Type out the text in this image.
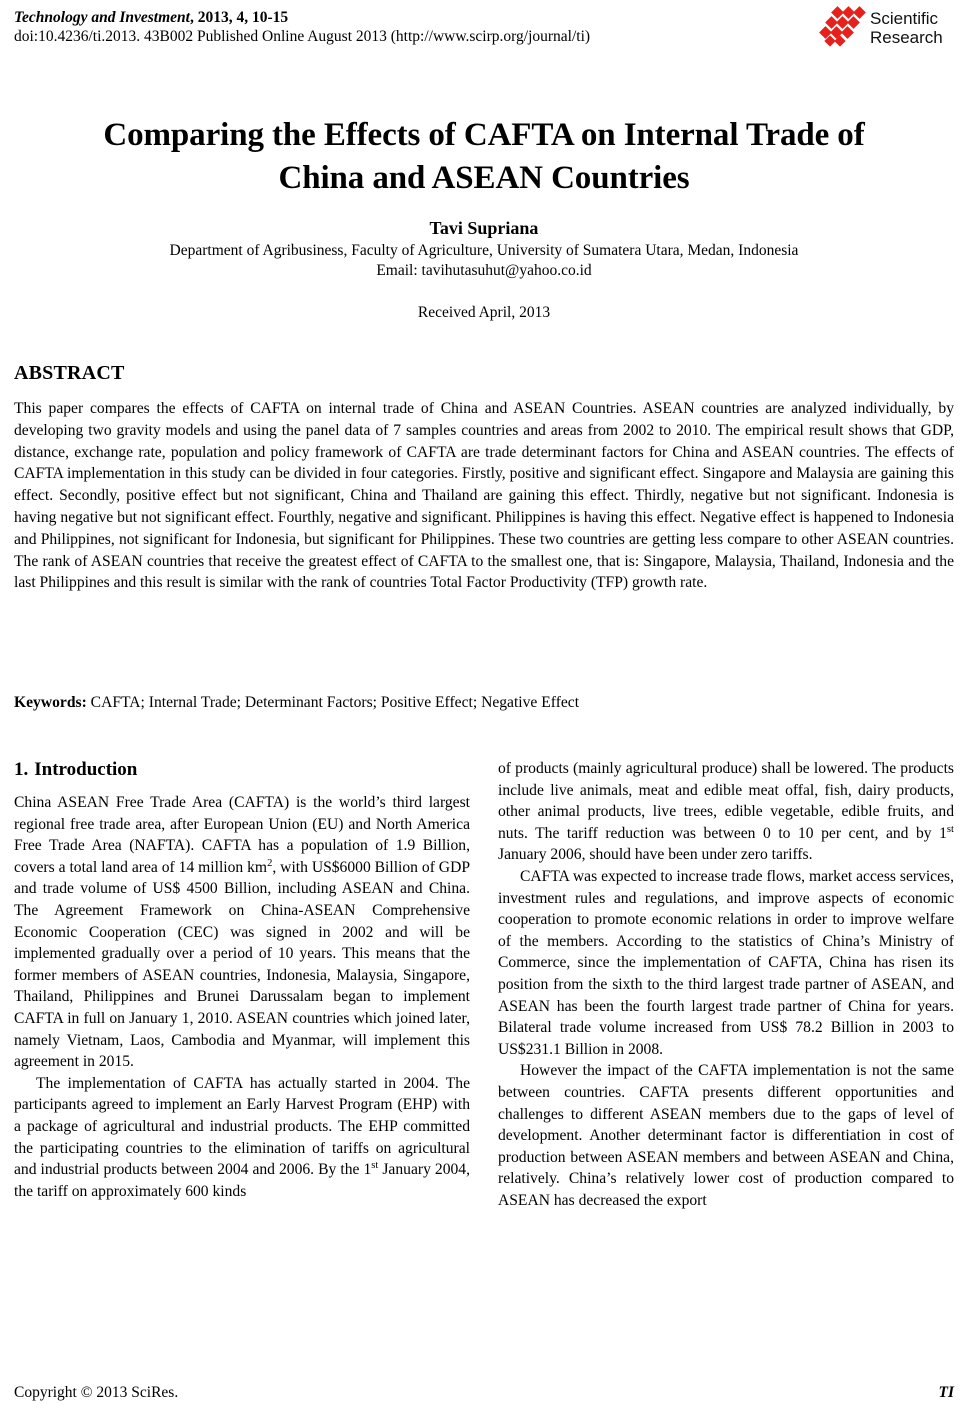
Technology and Investment, 2013, 4, 10-15
doi:10.4236/ti.2013. 43B002 Published Online August 2013 (http://www.scirp.org/journal/ti)
Scientific
Research
Comparing the Effects of CAFTA on Internal Trade of China and ASEAN Countries
Tavi Supriana
Department of Agribusiness, Faculty of Agriculture, University of Sumatera Utara, Medan, Indonesia
Email: tavihutasuhut@yahoo.co.id
Received April, 2013
ABSTRACT
This paper compares the effects of CAFTA on internal trade of China and ASEAN Countries. ASEAN countries are analyzed individually, by developing two gravity models and using the panel data of 7 samples countries and areas from 2002 to 2010. The empirical result shows that GDP, distance, exchange rate, population and policy framework of CAFTA are trade determinant factors for China and ASEAN countries. The effects of CAFTA implementation in this study can be divided in four categories. Firstly, positive and significant effect. Singapore and Malaysia are gaining this effect. Secondly, positive effect but not significant, China and Thailand are gaining this effect. Thirdly, negative but not significant. Indonesia is having negative but not significant effect. Fourthly, negative and significant. Philippines is having this effect. Negative effect is happened to Indonesia and Philippines, not significant for Indonesia, but significant for Philippines. These two countries are getting less compare to other ASEAN countries. The rank of ASEAN countries that receive the greatest effect of CAFTA to the smallest one, that is: Singapore, Malaysia, Thailand, Indonesia and the last Philippines and this result is similar with the rank of countries Total Factor Productivity (TFP) growth rate.
Keywords: CAFTA; Internal Trade; Determinant Factors; Positive Effect; Negative Effect
1. Introduction

China ASEAN Free Trade Area (CAFTA) is the world’s third largest regional free trade area, after European Union (EU) and North America Free Trade Area (NAFTA). CAFTA has a population of 1.9 Billion, covers a total land area of 14 million $km^2$, with US$6000 Billion of GDP and trade volume of US$ 4500 Billion, including ASEAN and China. The Agreement Framework on China-ASEAN Comprehensive Economic Cooperation (CEC) was signed in 2002 and will be implemented gradually over a period of 10 years. This means that the former members of ASEAN countries, Indonesia, Malaysia, Singapore, Thailand, Philippines and Brunei Darussalam began to implement CAFTA in full on January 1, 2010. ASEAN countries which joined later, namely Vietnam, Laos, Cambodia and Myanmar, will implement this agreement in 2015.

The implementation of CAFTA has actually started in 2004. The participants agreed to implement an Early Harvest Program (EHP) with a package of agricultural and industrial products. The EHP committed the participating countries to the elimination of tariffs on agricultural and industrial products between 2004 and 2006. By the 1st January 2004, the tariff on approximately 600 kinds

of products (mainly agricultural produce) shall be lowered. The products include live animals, meat and edible meat offal, fish, dairy products, other animal products, live trees, edible vegetable, edible fruits, and nuts. The tariff reduction was between 0 to 10 per cent, and by 1st January 2006, should have been under zero tariffs.

CAFTA was expected to increase trade flows, market access services, investment rules and regulations, and improve aspects of economic cooperation to promote economic relations in order to improve welfare of the members. According to the statistics of China’s Ministry of Commerce, since the implementation of CAFTA, China has risen its position from the sixth to the third largest trade partner of ASEAN, and ASEAN has been the fourth largest trade partner of China for years. Bilateral trade volume increased from US$ 78.2 Billion in 2003 to US$231.1 Billion in 2008.

However the impact of the CAFTA implementation is not the same between countries. CAFTA presents different opportunities and challenges to different ASEAN members due to the gaps of level of development. Another determinant factor is differentiation in cost of production between ASEAN members and between ASEAN and China, relatively. China’s relatively lower cost of production compared to ASEAN has decreased the export

Copyright © 2013 SciRes.	TI
